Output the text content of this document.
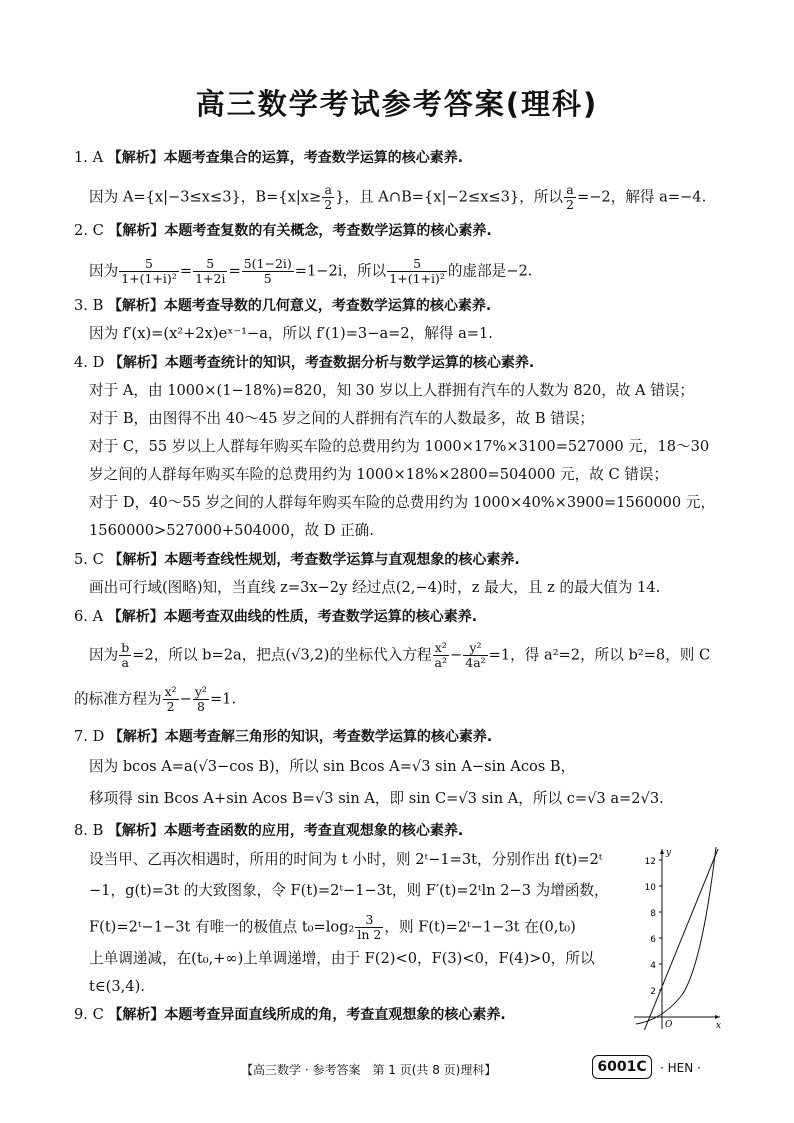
高三数学考试参考答案(理科)
1. A 【解析】本题考查集合的运算，考查数学运算的核心素养.
因为 A={x|−3≤x≤3}，$B=\{x|x\ge \frac{a}{2}$ }，且 A∩B={x|−2≤x≤3}，所以 $\frac{a}{2} =-2$，解得 a=−4.
2. C 【解析】本题考查复数的有关概念，考查数学运算的核心素养.
因为 $\frac{5}{\text{1+(1+i)²}} = \frac{5}{1+2i} = \frac{5(1-2i)}{5} =1-2i$，所以 $\frac{5}{\text{1+(1+i)²}}$ 的虚部是−2.
3. B 【解析】本题考查导数的几何意义，考查数学运算的核心素养.
因为 f′(x)=(x²+2x)eˣ⁻¹−a，所以 f′(1)=3−a=2，解得 a=1.
4. D 【解析】本题考查统计的知识，考查数据分析与数学运算的核心素养.
对于 A，由 1000×(1−18%)=820，知 30 岁以上人群拥有汽车的人数为 820，故 A 错误；
对于 B，由图得不出 40～45 岁之间的人群拥有汽车的人数最多，故 B 错误；
对于 C，55 岁以上人群每年购买车险的总费用约为 1000×17%×3100=527000 元，18～30
岁之间的人群每年购买车险的总费用约为 1000×18%×2800=504000 元，故 C 错误；
对于 D，40～55 岁之间的人群每年购买车险的总费用约为 1000×40%×3900=1560000 元，
1560000>527000+504000，故 D 正确.
5. C 【解析】本题考查线性规划，考查数学运算与直观想象的核心素养.
画出可行域(图略)知，当直线 z=3x−2y 经过点(2,−4)时，z 最大，且 z 的最大值为 14.
6. A 【解析】本题考查双曲线的性质，考查数学运算的核心素养.
因为 $\frac{b}{a} =2$，所以 b=2a，把点(√3,2)的坐标代入方程 $\frac{\text{x²}}{\text{a²}} - \frac{\text{y²}}{\text{4a²}} =1$，得 a²=2，所以 b²=8，则 C
的标准方程为 $\frac{\text{x²}}{2} - \frac{\text{y²}}{8} =1$.
7. D 【解析】本题考查解三角形的知识，考查数学运算的核心素养.
因为 bcos A=a(√3−cos B)，所以 sin Bcos A=√3 sin A−sin Acos B，
移项得 sin Bcos A+sin Acos B=√3 sin A，即 sin C=√3 sin A，所以 c=√3 a=2√3.
8. B 【解析】本题考查函数的应用，考查直观想象的核心素养.
设当甲、乙再次相遇时，所用的时间为 t 小时，则 2ᵗ−1=3t，分别作出 f(t)=2ᵗ
−1，g(t)=3t 的大致图象，令 F(t)=2ᵗ−1−3t，则 F′(t)=2ᵗln 2−3 为增函数，
F(t)=2ᵗ−1−3t 有唯一的极值点 $t_0=\log_2 \frac{3}{\ln 2}$ ，则 F(t)=2ᵗ−1−3t 在(0,t₀)
上单调递减，在(t₀,+∞)上单调递增，由于 F(2)<0，F(3)<0，F(4)>0，所以
t∈(3,4).
12
10
8
6
4
2
y
x
O
9. C 【解析】本题考查异面直线所成的角，考查直观想象的核心素养.
【高三数学 · 参考答案　第 1 页(共 8 页)理科】	6001C	· HEN ·
